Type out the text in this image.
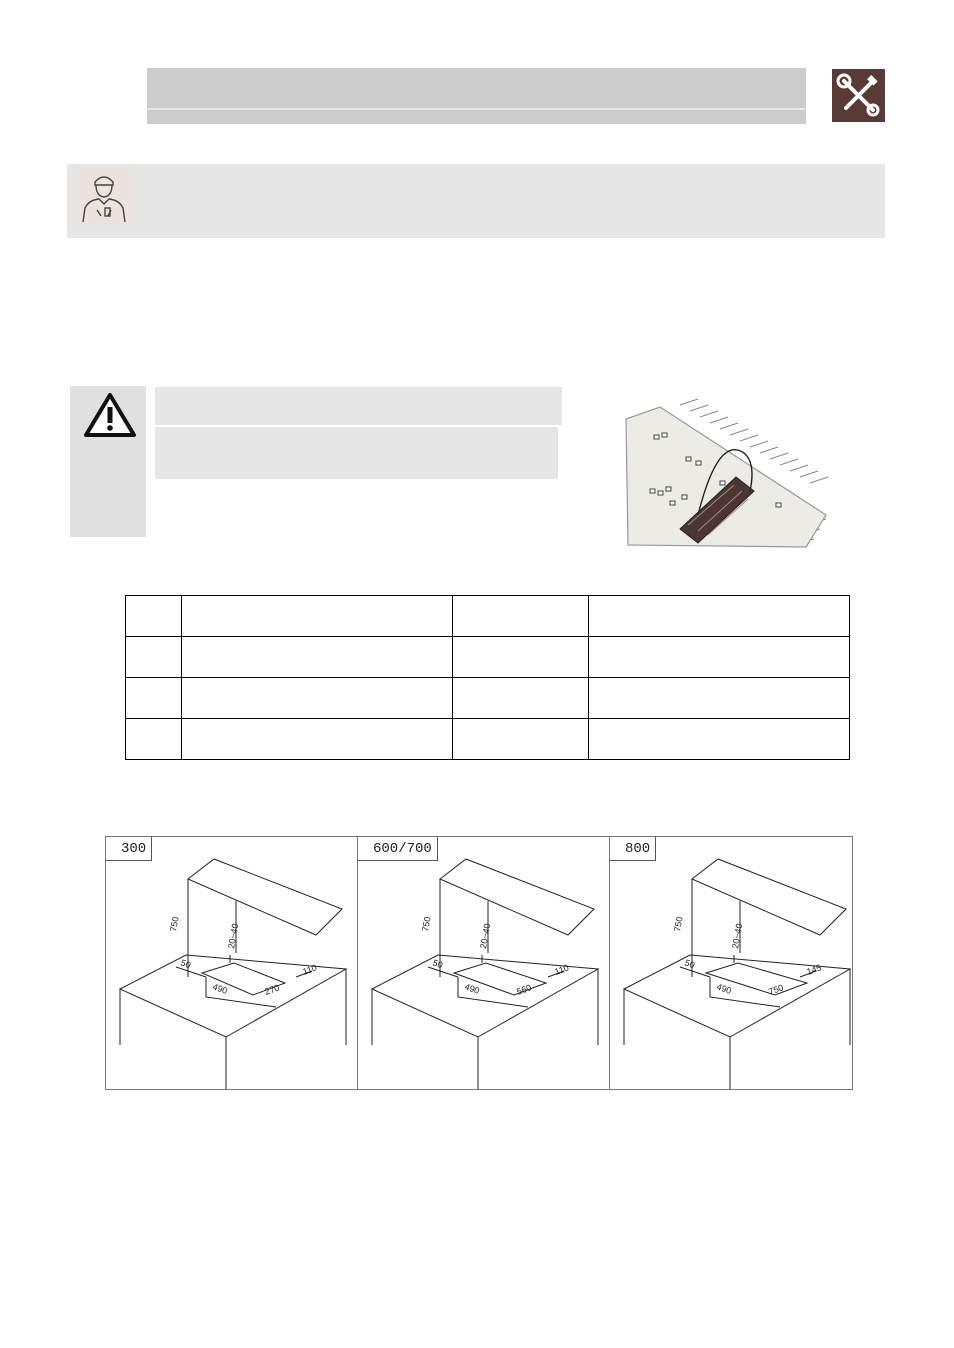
750	20~40
50
490	270
110
300
750	20~40
50
490	560
110
600/700
750	20~40
50
490	750
145
800
